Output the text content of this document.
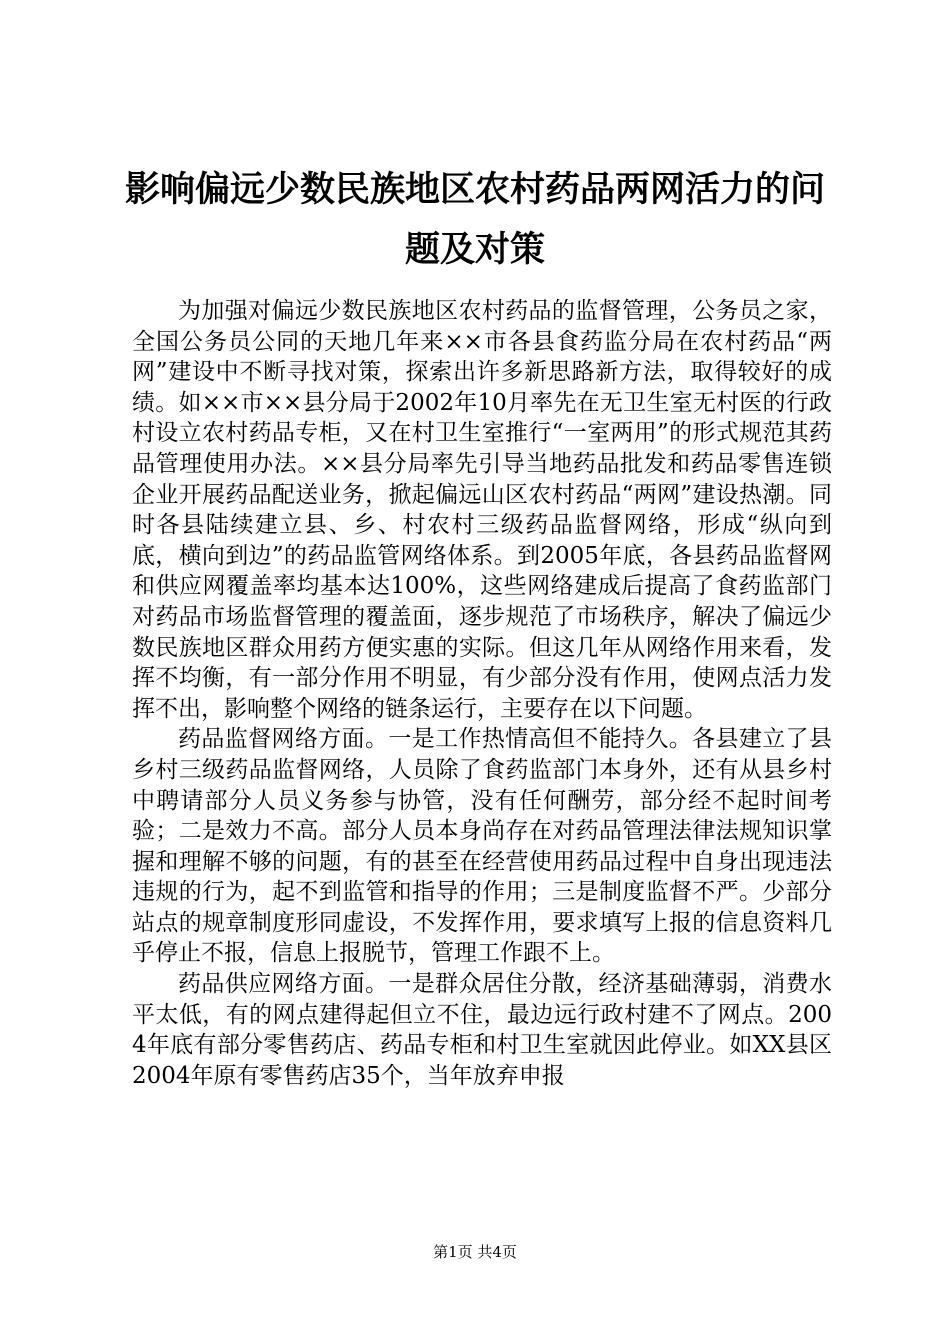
影响偏远少数民族地区农村药品两网活力的问题及对策

为加强对偏远少数民族地区农村药品的监督管理，公务员之家，全国公务员公同的天地几年来××市各县食药监分局在农村药品“两网”建设中不断寻找对策，探索出许多新思路新方法，取得较好的成绩。如××市××县分局于2002年10月率先在无卫生室无村医的行政村设立农村药品专柜，又在村卫生室推行“一室两用”的形式规范其药品管理使用办法。××县分局率先引导当地药品批发和药品零售连锁企业开展药品配送业务，掀起偏远山区农村药品“两网”建设热潮。同时各县陆续建立县、乡、村农村三级药品监督网络，形成“纵向到底，横向到边”的药品监管网络体系。到2005年底，各县药品监督网和供应网覆盖率均基本达100%，这些网络建成后提高了食药监部门对药品市场监督管理的覆盖面，逐步规范了市场秩序，解决了偏远少数民族地区群众用药方便实惠的实际。但这几年从网络作用来看，发挥不均衡，有一部分作用不明显，有少部分没有作用，使网点活力发挥不出，影响整个网络的链条运行，主要存在以下问题。

药品监督网络方面。一是工作热情高但不能持久。各县建立了县乡村三级药品监督网络，人员除了食药监部门本身外，还有从县乡村中聘请部分人员义务参与协管，没有任何酬劳，部分经不起时间考验；二是效力不高。部分人员本身尚存在对药品管理法律法规知识掌握和理解不够的问题，有的甚至在经营使用药品过程中自身出现违法违规的行为，起不到监管和指导的作用；三是制度监督不严。少部分站点的规章制度形同虚设，不发挥作用，要求填写上报的信息资料几乎停止不报，信息上报脱节，管理工作跟不上。

药品供应网络方面。一是群众居住分散，经济基础薄弱，消费水平太低，有的网点建得起但立不住，最边远行政村建不了网点。2004年底有部分零售药店、药品专柜和村卫生室就因此停业。如XX县区2004年原有零售药店35个，当年放弃申报

第1页 共4页
